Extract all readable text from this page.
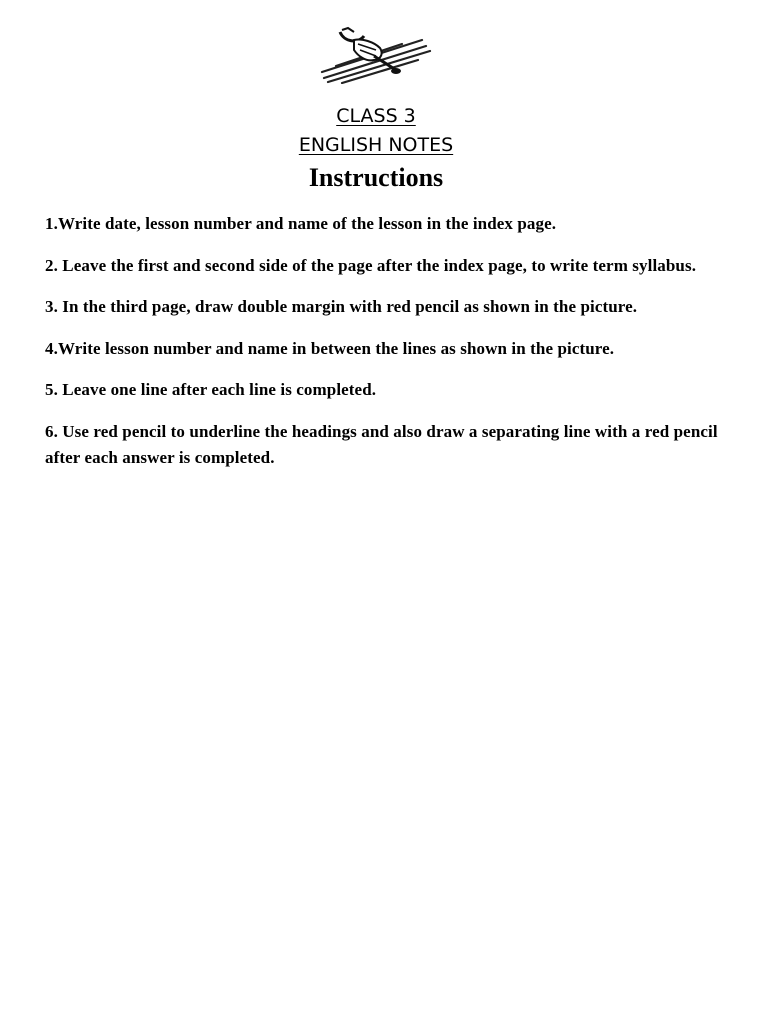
CLASS 3
ENGLISH NOTES
Instructions
1.Write date, lesson number and name of the lesson in the index page.
2. Leave the first and second side of the page after the index page, to write term syllabus.
3. In the third page, draw double margin with red pencil as shown in the picture.
4.Write lesson number and name in between the lines as shown in the picture.
5. Leave one line after each line is completed.
6. Use red pencil to underline the headings and also draw a separating line with a red pencil after each answer is completed.
